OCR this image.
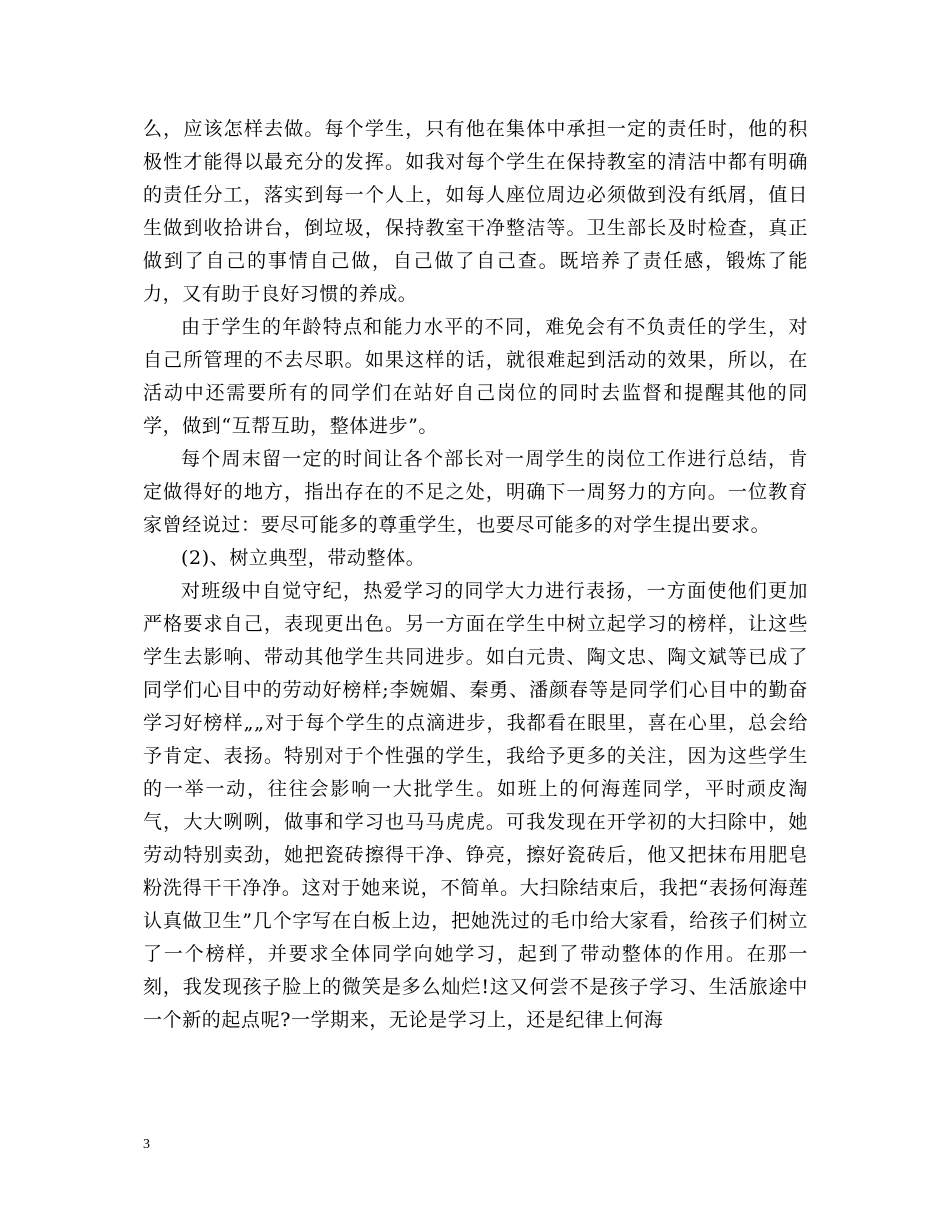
么，应该怎样去做。每个学生，只有他在集体中承担一定的责任时，他的积极性才能得以最充分的发挥。如我对每个学生在保持教室的清洁中都有明确的责任分工，落实到每一个人上，如每人座位周边必须做到没有纸屑，值日生做到收拾讲台，倒垃圾，保持教室干净整洁等。卫生部长及时检查，真正做到了自己的事情自己做，自己做了自己查。既培养了责任感，锻炼了能力，又有助于良好习惯的养成。

由于学生的年龄特点和能力水平的不同，难免会有不负责任的学生，对自己所管理的不去尽职。如果这样的话，就很难起到活动的效果，所以，在活动中还需要所有的同学们在站好自己岗位的同时去监督和提醒其他的同学，做到“互帮互助，整体进步”。

每个周末留一定的时间让各个部长对一周学生的岗位工作进行总结，肯定做得好的地方，指出存在的不足之处，明确下一周努力的方向。一位教育家曾经说过：要尽可能多的尊重学生，也要尽可能多的对学生提出要求。

(2)、树立典型，带动整体。

对班级中自觉守纪，热爱学习的同学大力进行表扬，一方面使他们更加严格要求自己，表现更出色。另一方面在学生中树立起学习的榜样，让这些学生去影响、带动其他学生共同进步。如白元贵、陶文忠、陶文斌等已成了同学们心目中的劳动好榜样;李婉媚、秦勇、潘颜春等是同学们心目中的勤奋学习好榜样„„对于每个学生的点滴进步，我都看在眼里，喜在心里，总会给予肯定、表扬。特别对于个性强的学生，我给予更多的关注，因为这些学生的一举一动，往往会影响一大批学生。如班上的何海莲同学，平时顽皮淘气，大大咧咧，做事和学习也马马虎虎。可我发现在开学初的大扫除中，她劳动特别卖劲，她把瓷砖擦得干净、铮亮，擦好瓷砖后，他又把抹布用肥皂粉洗得干干净净。这对于她来说，不简单。大扫除结束后，我把“表扬何海莲认真做卫生”几个字写在白板上边，把她洗过的毛巾给大家看，给孩子们树立了一个榜样，并要求全体同学向她学习，起到了带动整体的作用。在那一刻，我发现孩子脸上的微笑是多么灿烂!这又何尝不是孩子学习、生活旅途中一个新的起点呢?一学期来，无论是学习上，还是纪律上何海

3
